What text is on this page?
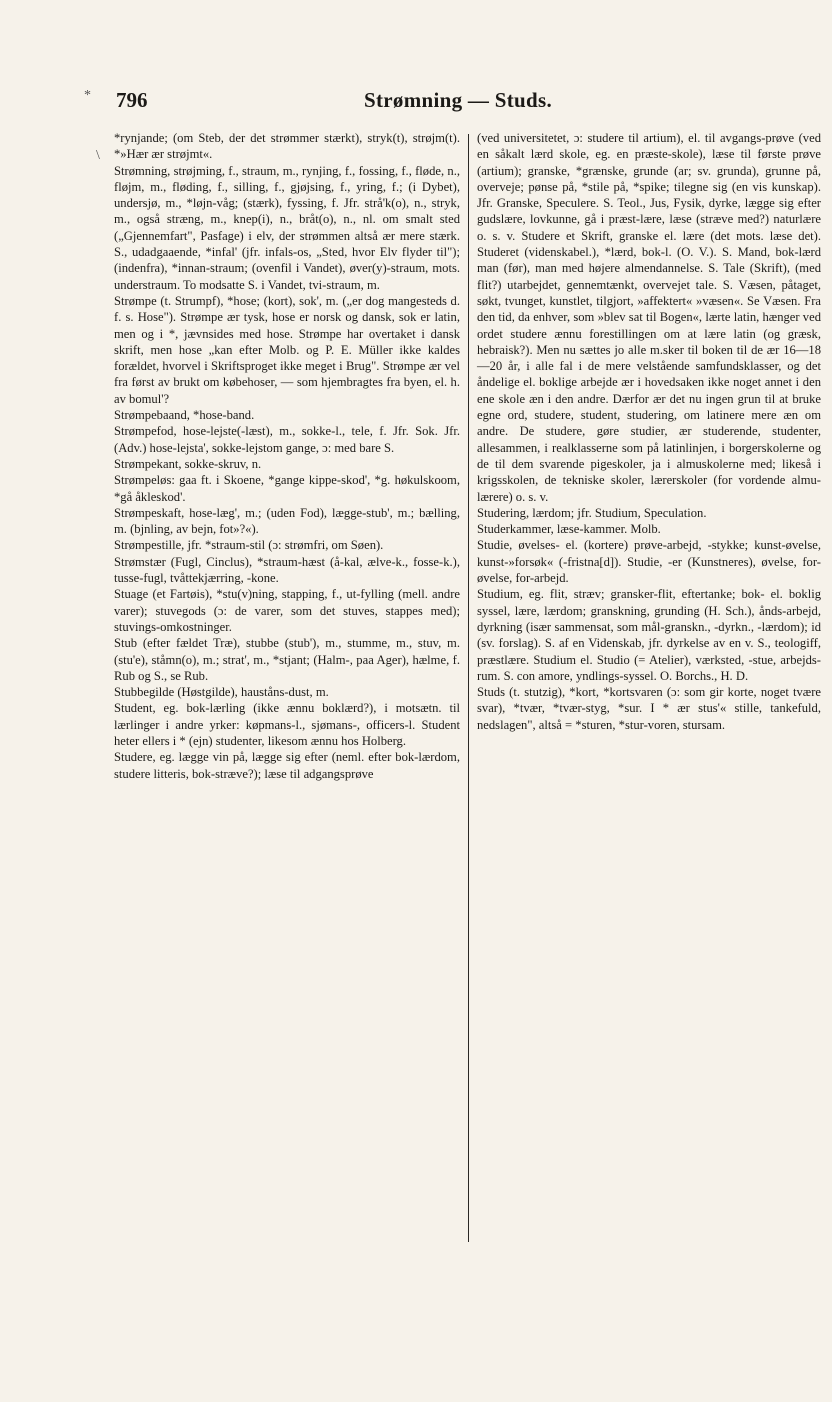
796	Strømning — Studs.
*
\

*rynjande; (om Steb, der det strømmer stærkt), stryk(t), strøjm(t). *»Hær ær strøjmt«.

Strømning, strøjming, f., straum, m., rynjing, f., fossing, f., fløde, n., fløjm, m., fløding, f., silling, f., gjøjsing, f., yring, f.; (i Dybet), undersjø, m., *løjn-våg; (stærk), fyssing, f. Jfr. strå'k(o), n., stryk, m., også stræng, m., knep(i), n., bråt(o), n., nl. om smalt sted („Gjennemfart", Pasfage) i elv, der strømmen altså ær mere stærk. S., udadgaaende, *infal' (jfr. infals-os, „Sted, hvor Elv flyder til"); (indenfra), *innan-straum; (ovenfil i Vandet), øver(y)-straum, mots. understraum. To modsatte S. i Vandet, tvi-straum, m.

Strømpe (t. Strumpf), *hose; (kort), sok', m. („er dog mangesteds d. f. s. Hose"). Strømpe ær tysk, hose er norsk og dansk, sok er latin, men og i *, jævnsides med hose. Strømpe har overtaket i dansk skrift, men hose „kan efter Molb. og P. E. Müller ikke kaldes forældet, hvorvel i Skriftsproget ikke meget i Brug". Strømpe ær vel fra først av brukt om købehoser, — som hjembragtes fra byen, el. h. av bomul'?

Strømpebaand, *hose-band.

Strømpefod, hose-lejste(-læst), m., sokke-l., tele, f. Jfr. Sok. Jfr. (Adv.) hose-lejsta', sokke-lejstom gange, ɔ: med bare S.

Strømpekant, sokke-skruv, n.

Strømpeløs: gaa ft. i Skoene, *gange kippe-skod', *g. høkulskoom, *gå åkleskod'.

Strømpeskaft, hose-læg', m.; (uden Fod), lægge-stub', m.; bælling, m. (bjnling, av bejn, fot»?«).

Strømpestille, jfr. *straum-stil (ɔ: strømfri, om Søen).

Strømstær (Fugl, Cinclus), *straum-hæst (å-kal, ælve-k., fosse-k.), tusse-fugl, tvåttekjærring, -kone.

Stuage (et Fartøis), *stu(v)ning, stapping, f., ut-fylling (mell. andre varer); stuvegods (ɔ: de varer, som det stuves, stappes med); stuvings-omkostninger.

Stub (efter fældet Træ), stubbe (stub'), m., stumme, m., stuv, m. (stu'e), ståmn(o), m.; strat', m., *stjant; (Halm-, paa Ager), hælme, f. Rub og S., se Rub.

Stubbegilde (Høstgilde), hauståns-dust, m.

Student, eg. bok-lærling (ikke ænnu boklærd?), i motsætn. til lærlinger i andre yrker: køpmans-l., sjømans-, officers-l. Student heter ellers i * (ejn) studenter, likesom ænnu hos Holberg.

Studere, eg. lægge vin på, lægge sig efter (neml. efter bok-lærdom, studere litteris, bok-stræve?); læse til adgangsprøve

(ved universitetet, ɔ: studere til artium), el. til avgangs-prøve (ved en såkalt lærd skole, eg. en præste-skole), læse til første prøve (artium); granske, *grænske, grunde (ar; sv. grunda), grunne på, overveje; pønse på, *stile på, *spike; tilegne sig (en vis kunskap). Jfr. Granske, Speculere. S. Teol., Jus, Fysik, dyrke, lægge sig efter gudslære, lovkunne, gå i præst-lære, læse (stræve med?) naturlære o. s. v. Studere et Skrift, granske el. lære (det mots. læse det). Studeret (videnskabel.), *lærd, bok-l. (O. V.). S. Mand, bok-lærd man (før), man med højere almendannelse. S. Tale (Skrift), (med flit?) utarbejdet, gennemtænkt, overvejet tale. S. Væsen, påtaget, søkt, tvunget, kunstlet, tilgjort, »affektert« »væsen«. Se Væsen. Fra den tid, da enhver, som »blev sat til Bogen«, lærte latin, hænger ved ordet studere ænnu forestillingen om at lære latin (og græsk, hebraisk?). Men nu sættes jo alle m.sker til boken til de ær 16—18—20 år, i alle fal i de mere velstående samfundsklasser, og det åndelige el. boklige arbejde ær i hovedsaken ikke noget annet i den ene skole æn i den andre. Dærfor ær det nu ingen grun til at bruke egne ord, studere, student, studering, om latinere mere æn om andre. De studere, gøre studier, ær studerende, studenter, allesammen, i realklasserne som på latinlinjen, i borgerskolerne og de til dem svarende pigeskoler, ja i almuskolerne med; likeså i krigsskolen, de tekniske skoler, lærerskoler (for vordende almu-lærere) o. s. v.

Studering, lærdom; jfr. Studium, Speculation.

Studerkammer, læse-kammer. Molb.

Studie, øvelses- el. (kortere) prøve-arbejd, -stykke; kunst-øvelse, kunst-»forsøk« (-fristna[d]). Studie, -er (Kunstneres), øvelse, for-øvelse, for-arbejd.

Studium, eg. flit, stræv; gransker-flit, eftertanke; bok- el. boklig syssel, lære, lærdom; granskning, grunding (H. Sch.), ånds-arbejd, dyrkning (især sammensat, som mål-granskn., -dyrkn., -lærdom); id (sv. forslag). S. af en Videnskab, jfr. dyrkelse av en v. S., teologiff, præstlære. Studium el. Studio (= Atelier), værksted, -stue, arbejds-rum. S. con amore, yndlings-syssel. O. Borchs., H. D.

Studs (t. stutzig), *kort, *kortsvaren (ɔ: som gir korte, noget tvære svar), *tvær, *tvær-styg, *sur. I * ær stus'« stille, tankefuld, nedslagen", altså = *sturen, *stur-voren, stursam.
